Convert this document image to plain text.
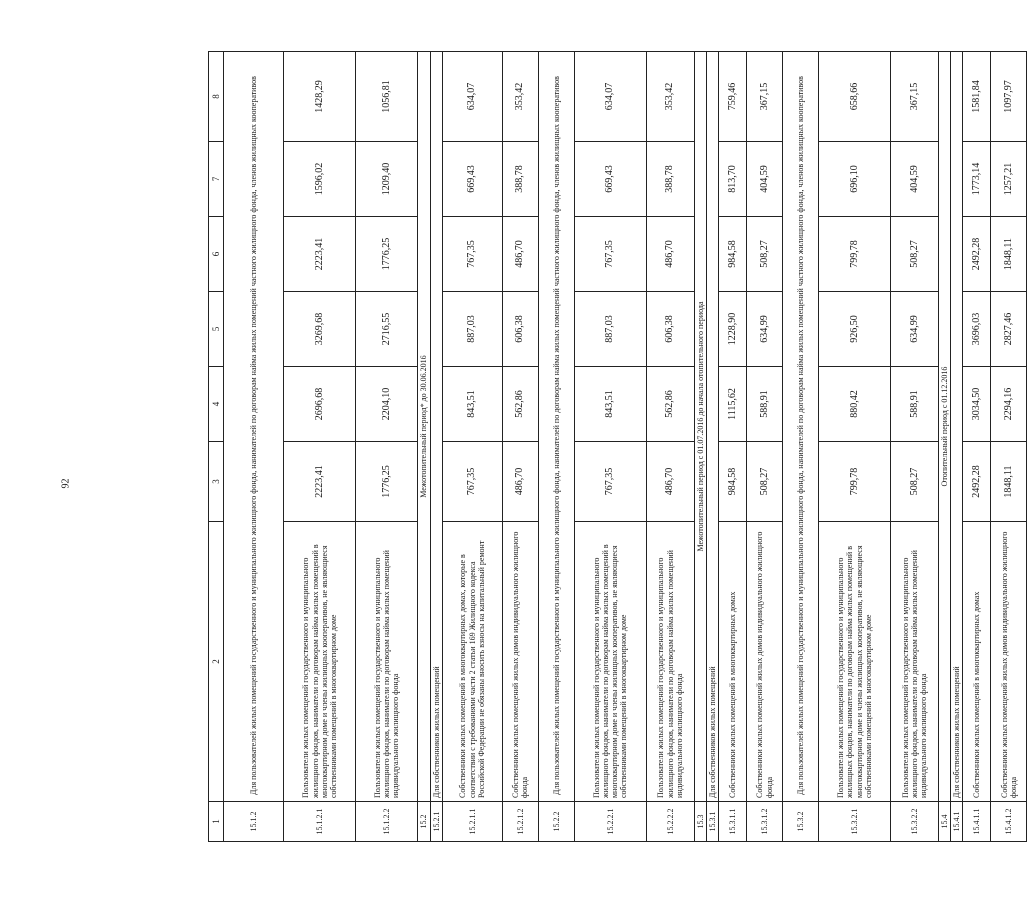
92
1	2	3	4	5	6	7	8
15.1.2	Для пользователей жилых помещений государственного и муниципального жилищного фонда, нанимателей по договорам найма жилых помещений частного жилищного фонда, членов жилищных кооперативов						
15.1.2.1	Пользователи жилых помещений государственного и муниципального жилищного фондов, наниматели по договорам найма жилых помещений в многоквартирном доме и члены жилищных кооперативов, не являющиеся собственниками помещений в многоквартирном доме	2223,41	2696,68	3269,68	2223,41	1596,02	1428,29
15.1.2.2	Пользователи жилых помещений государственного и муниципального жилищного фондов, наниматели по договорам найма жилых помещений индивидуального жилищного фонда	1776,25	2204,10	2716,55	1776,25	1209,40	1056,81
15.2	Межотопительный период* до 30.06.2016						
15.2.1	Для собственников жилых помещений						
15.2.1.1	Собственники жилых помещений в многоквартирных домах, которые в соответствии с требованиями части 2 статьи 169 Жилищного кодекса Российской Федерации не обязаны вносить взносы на капитальный ремонт	767,35	843,51	887,03	767,35	669,43	634,07
15.2.1.2	Собственники жилых помещений жилых домов индивидуального жилищного фонда	486,70	562,86	606,38	486,70	388,78	353,42
15.2.2	Для пользователей жилых помещений государственного и муниципального жилищного фонда, нанимателей по договорам найма жилых помещений частного жилищного фонда, членов жилищных кооперативов						
15.2.2.1	Пользователи жилых помещений государственного и муниципального жилищного фондов, наниматели по договорам найма жилых помещений в многоквартирном доме и члены жилищных кооперативов, не являющиеся собственниками помещений в многоквартирном доме	767,35	843,51	887,03	767,35	669,43	634,07
15.2.2.2	Пользователи жилых помещений государственного и муниципального жилищного фондов, наниматели по договорам найма жилых помещений индивидуального жилищного фонда	486,70	562,86	606,38	486,70	388,78	353,42
15.3	Межотопительный период с 01.07.2016 до начала отопительного периода						
15.3.1	Для собственников жилых помещений						
15.3.1.1	Собственники жилых помещений в многоквартирных домах	984,58	1115,62	1228,90	984,58	813,70	759,46
15.3.1.2	Собственники жилых помещений жилых домов индивидуального жилищного фонда	508,27	588,91	634,99	508,27	404,59	367,15
15.3.2	Для пользователей жилых помещений государственного и муниципального жилищного фонда, нанимателей по договорам найма жилых помещений частного жилищного фонда, членов жилищных кооперативов						
15.3.2.1	Пользователи жилых помещений государственного и муниципального жилищных фондов, наниматели по договорам найма жилых помещений в многоквартирном доме и члены жилищных кооперативов, не являющиеся собственниками помещений в многоквартирном доме	799,78	880,42	926,50	799,78	696,10	658,66
15.3.2.2	Пользователи жилых помещений государственного и муниципального жилищного фондов, наниматели по договорам найма жилых помещений индивидуального жилищного фонда	508,27	588,91	634,99	508,27	404,59	367,15
15.4	Отопительный период с 01.12.2016						
15.4.1	Для собственников жилых помещений						
15.4.1.1	Собственники жилых помещений в многоквартирных домах	2492,28	3034,50	3696,03	2492,28	1773,14	1581,84
15.4.1.2	Собственники жилых помещений жилых домов индивидуального жилищного фонда	1848,11	2294,16	2827,46	1848,11	1257,21	1097,97
